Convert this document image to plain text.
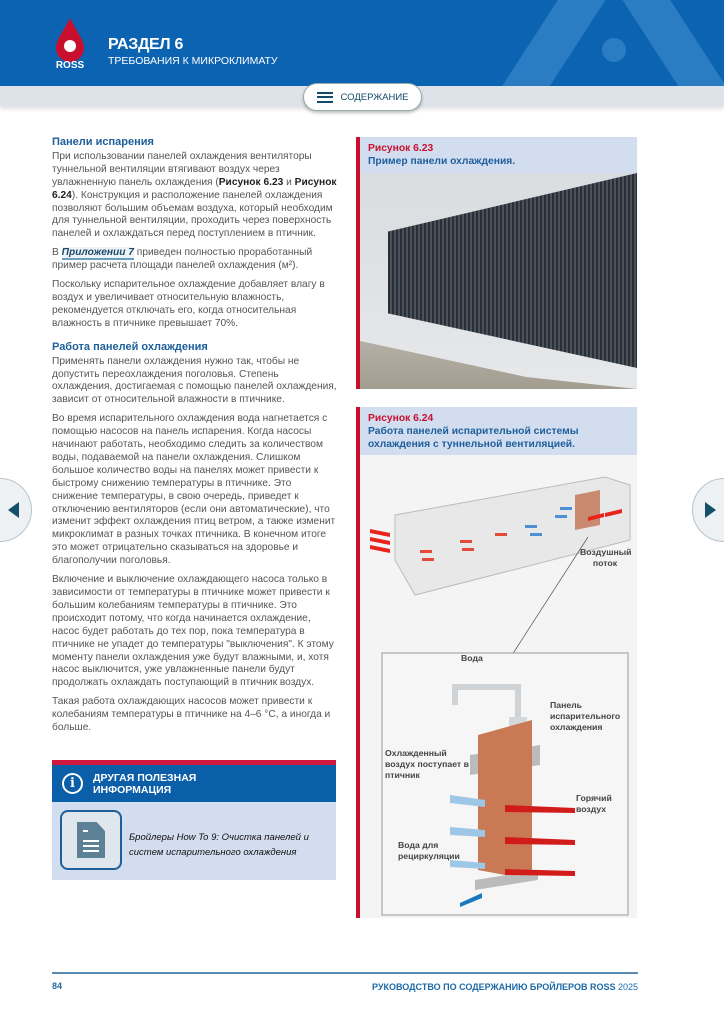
ROSS
РАЗДЕЛ 6
ТРЕБОВАНИЯ К МИКРОКЛИМАТУ
СОДЕРЖАНИЕ
Панели испарения

При использовании панелей охлаждения вентиляторы туннельной вентиляции втягивают воздух через увлажненную панель охлаждения (Рисунок 6.23 и Рисунок 6.24). Конструкция и расположение панелей охлаждения позволяют большим объемам воздуха, который необходим для туннельной вентиляции, проходить через поверхность панелей и охлаждаться перед поступлением в птичник.

В Приложении 7 приведен полностью проработанный пример расчета площади панелей охлаждения (м²).

Поскольку испарительное охлаждение добавляет влагу в воздух и увеличивает относительную влажность, рекомендуется отключать его, когда относительная влажность в птичнике превышает 70%.

Работа панелей охлаждения

Применять панели охлаждения нужно так, чтобы не допустить переохлаждения поголовья. Степень охлаждения, достигаемая с помощью панелей охлаждения, зависит от относительной влажности в птичнике.

Во время испарительного охлаждения вода нагнетается с помощью насосов на панель испарения. Когда насосы начинают работать, необходимо следить за количеством воды, подаваемой на панели охлаждения. Слишком большое количество воды на панелях может привести к быстрому снижению температуры в птичнике. Это снижение температуры, в свою очередь, приведет к отключению вентиляторов (если они автоматические), что изменит эффект охлаждения птиц ветром, а также изменит микроклимат в разных точках птичника. В конечном итоге это может отрицательно сказываться на здоровье и благополучии поголовья.

Включение и выключение охлаждающего насоса только в зависимости от температуры в птичнике может привести к большим колебаниям температуры в птичнике. Это происходит потому, что когда начинается охлаждение, насос будет работать до тех пор, пока температура в птичнике не упадет до температуры "выключения". К этому моменту панели охлаждения уже будут влажными, и, хотя насос выключится, уже увлажненные панели будут продолжать охлаждать поступающий в птичник воздух.

Такая работа охлаждающих насосов может привести к колебаниям температуры в птичнике на 4–6 °C, а иногда и больше.

i	ДРУГАЯ ПОЛЕЗНАЯ ИНФОРМАЦИЯ
Бройлеры How To 9: Очистка панелей и систем испарительного охлаждения
Рисунок 6.23
Пример панели охлаждения.
Рисунок 6.24
Работа панелей испарительной системы охлаждения с туннельной вентиляцией.
Воздушный поток
Вода
Панель испарительного охлаждения
Охлажденный воздух поступает в птичник
Горячий воздух
Вода для рециркуляции
84	РУКОВОДСТВО ПО СОДЕРЖАНИЮ БРОЙЛЕРОВ ROSS 2025
